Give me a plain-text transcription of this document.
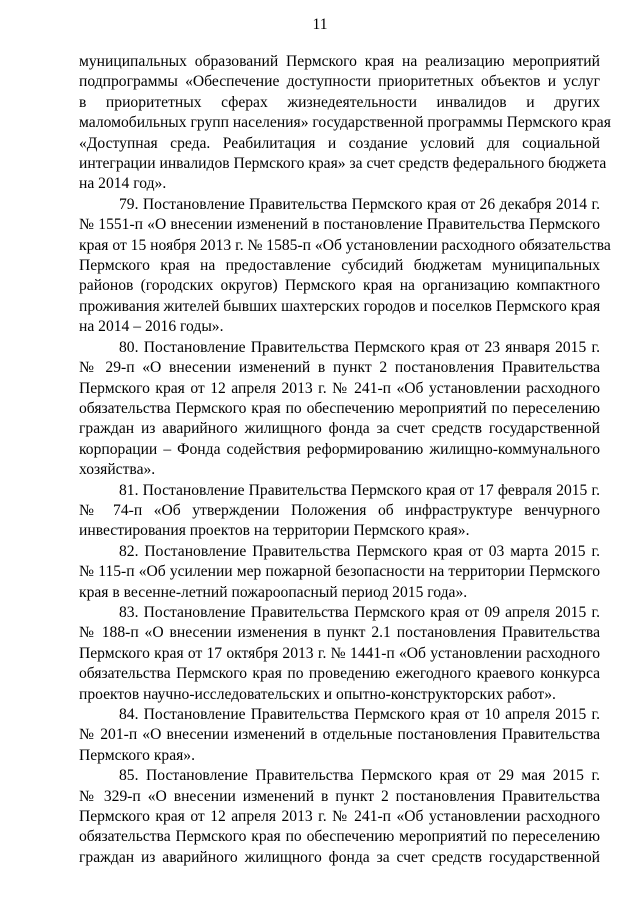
11
муниципальных образований Пермского края на реализацию мероприятий
подпрограммы «Обеспечение доступности приоритетных объектов и услуг
в приоритетных сферах жизнедеятельности инвалидов и других
маломобильных групп населения» государственной программы Пермского края
«Доступная среда. Реабилитация и создание условий для социальной
интеграции инвалидов Пермского края» за счет средств федерального бюджета
на 2014 год».
79. Постановление Правительства Пермского края от 26 декабря 2014 г.
№ 1551-п «О внесении изменений в постановление Правительства Пермского
края от 15 ноября 2013 г. № 1585-п «Об установлении расходного обязательства
Пермского края на предоставление субсидий бюджетам муниципальных
районов (городских округов) Пермского края на организацию компактного
проживания жителей бывших шахтерских городов и поселков Пермского края
на 2014 – 2016 годы».
80. Постановление Правительства Пермского края от 23 января 2015 г.
№ 29-п «О внесении изменений в пункт 2 постановления Правительства
Пермского края от 12 апреля 2013 г. № 241-п «Об установлении расходного
обязательства Пермского края по обеспечению мероприятий по переселению
граждан из аварийного жилищного фонда за счет средств государственной
корпорации – Фонда содействия реформированию жилищно-коммунального
хозяйства».
81. Постановление Правительства Пермского края от 17 февраля 2015 г.
№ 74-п «Об утверждении Положения об инфраструктуре венчурного
инвестирования проектов на территории Пермского края».
82. Постановление Правительства Пермского края от 03 марта 2015 г.
№ 115-п «Об усилении мер пожарной безопасности на территории Пермского
края в весенне-летний пожароопасный период 2015 года».
83. Постановление Правительства Пермского края от 09 апреля 2015 г.
№ 188-п «О внесении изменения в пункт 2.1 постановления Правительства
Пермского края от 17 октября 2013 г. № 1441-п «Об установлении расходного
обязательства Пермского края по проведению ежегодного краевого конкурса
проектов научно-исследовательских и опытно-конструкторских работ».
84. Постановление Правительства Пермского края от 10 апреля 2015 г.
№ 201-п «О внесении изменений в отдельные постановления Правительства
Пермского края».
85. Постановление Правительства Пермского края от 29 мая 2015 г.
№ 329-п «О внесении изменений в пункт 2 постановления Правительства
Пермского края от 12 апреля 2013 г. № 241-п «Об установлении расходного
обязательства Пермского края по обеспечению мероприятий по переселению
граждан из аварийного жилищного фонда за счет средств государственной
